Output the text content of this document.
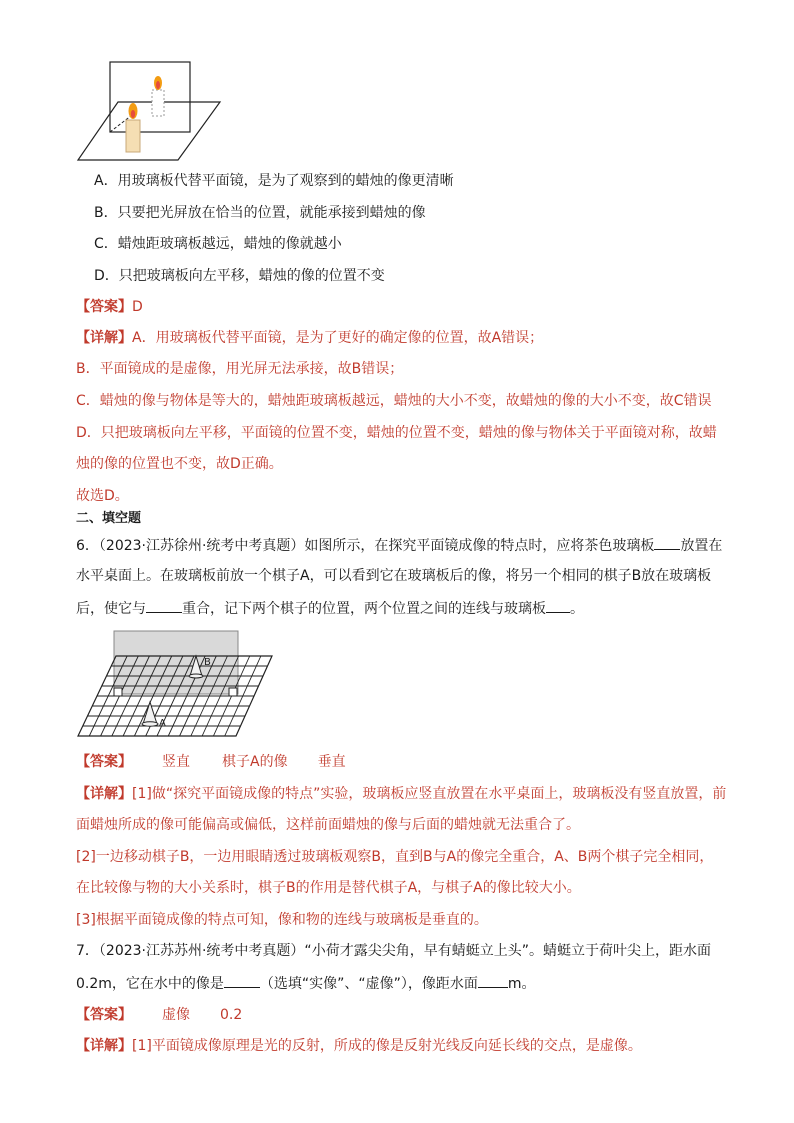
A．用玻璃板代替平面镜，是为了观察到的蜡烛的像更清晰
B．只要把光屏放在恰当的位置，就能承接到蜡烛的像
C．蜡烛距玻璃板越远，蜡烛的像就越小
D．只把玻璃板向左平移，蜡烛的像的位置不变
【答案】D
【详解】A．用玻璃板代替平面镜，是为了更好的确定像的位置，故A错误；
B．平面镜成的是虚像，用光屏无法承接，故B错误；
C．蜡烛的像与物体是等大的，蜡烛距玻璃板越远，蜡烛的大小不变，故蜡烛的像的大小不变，故C错误
D．只把玻璃板向左平移，平面镜的位置不变，蜡烛的位置不变，蜡烛的像与物体关于平面镜对称，故蜡
烛的像的位置也不变，故D正确。
故选D。
二、填空题
6．（2023·江苏徐州·统考中考真题）如图所示，在探究平面镜成像的特点时，应将茶色玻璃板 放置在
水平桌面上。在玻璃板前放一个棋子A，可以看到它在玻璃板后的像，将另一个相同的棋子B放在玻璃板
后，使它与	重合，记下两个棋子的位置，两个位置之间的连线与玻璃板 。
B
A
【答案】 竖直 棋子A的像 垂直
【详解】[1]做“探究平面镜成像的特点”实验，玻璃板应竖直放置在水平桌面上，玻璃板没有竖直放置，前
面蜡烛所成的像可能偏高或偏低，这样前面蜡烛的像与后面的蜡烛就无法重合了。
[2]一边移动棋子B，一边用眼睛透过玻璃板观察B，直到B与A的像完全重合，A、B两个棋子完全相同，
在比较像与物的大小关系时，棋子B的作用是替代棋子A，与棋子A的像比较大小。
[3]根据平面镜成像的特点可知，像和物的连线与玻璃板是垂直的。
7．（2023·江苏苏州·统考中考真题）“小荷才露尖尖角，早有蜻蜓立上头”。蜻蜓立于荷叶尖上，距水面
0.2m，它在水中的像是	（选填“实像”、“虚像”），像距水面 m。
【答案】 虚像 0.2
【详解】[1]平面镜成像原理是光的反射，所成的像是反射光线反向延长线的交点，是虚像。
